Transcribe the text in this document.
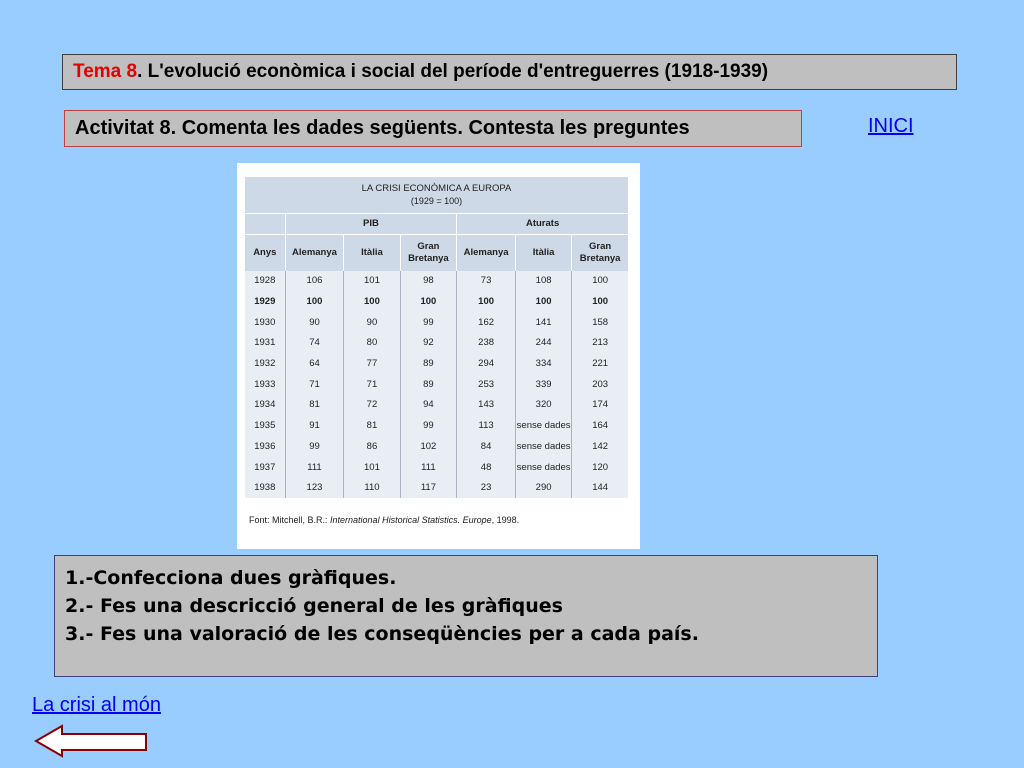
Tema 8. L'evolució econòmica i social del període d'entreguerres (1918-1939)
Activitat 8. Comenta les dades següents. Contesta les preguntes	INICI
LA CRISI ECONÒMICA A EUROPA
(1929 = 100)						

	PIB			Aturats		
Anys	Alemanya	Itàlia	Gran Bretanya	Alemanya	Itàlia	Gran Bretanya
1928	106	101	98	73	108	100
1929	100	100	100	100	100	100
1930	90	90	99	162	141	158
1931	74	80	92	238	244	213
1932	64	77	89	294	334	221
1933	71	71	89	253	339	203
1934	81	72	94	143	320	174
1935	91	81	99	113	sense dades	164
1936	99	86	102	84	sense dades	142
1937	111	101	111	48	sense dades	120
1938	123	110	117	23	290	144
Font: Mitchell, B.R.: International Historical Statistics. Europe, 1998.
1.-Confecciona dues gràfiques.
2.- Fes una descricció general de les gràfiques
3.- Fes una valoració de les conseqüències per a cada país.
La crisi al món
